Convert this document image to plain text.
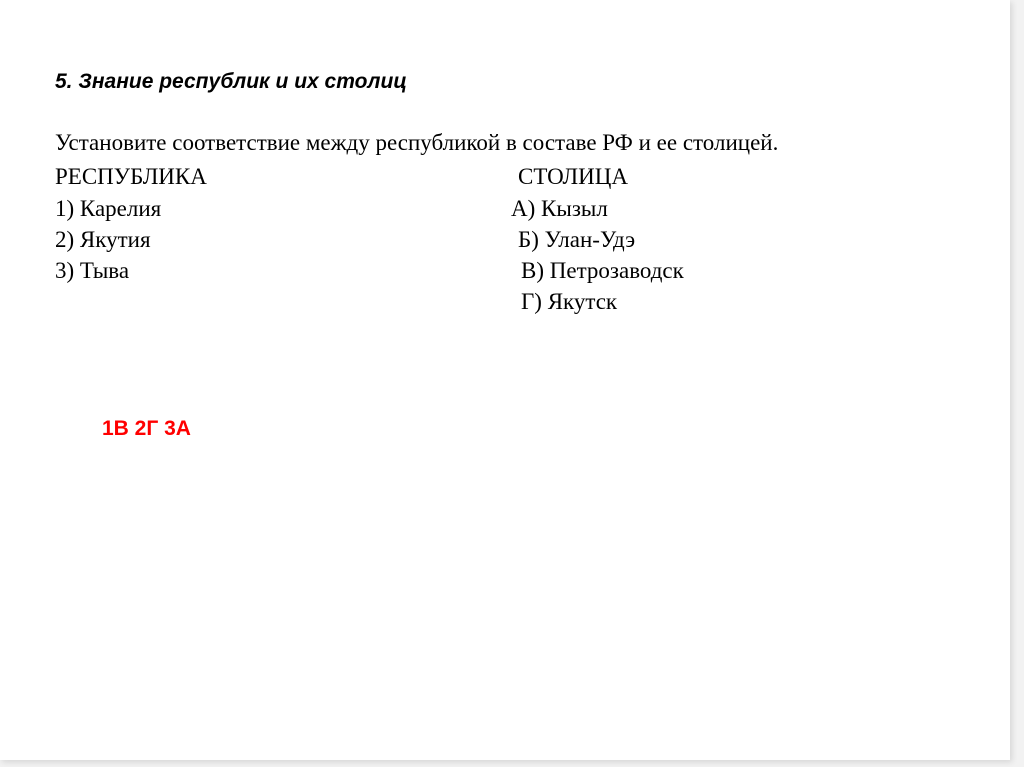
5. Знание республик и их столиц
Установите соответствие между республикой в составе РФ и ее столицей.
РЕСПУБЛИКА	СТОЛИЦА
1) Карелия
2) Якутия
3) Тыва
А) Кызыл
Б) Улан-Удэ
В) Петрозаводск
Г) Якутск
1В 2Г 3А
